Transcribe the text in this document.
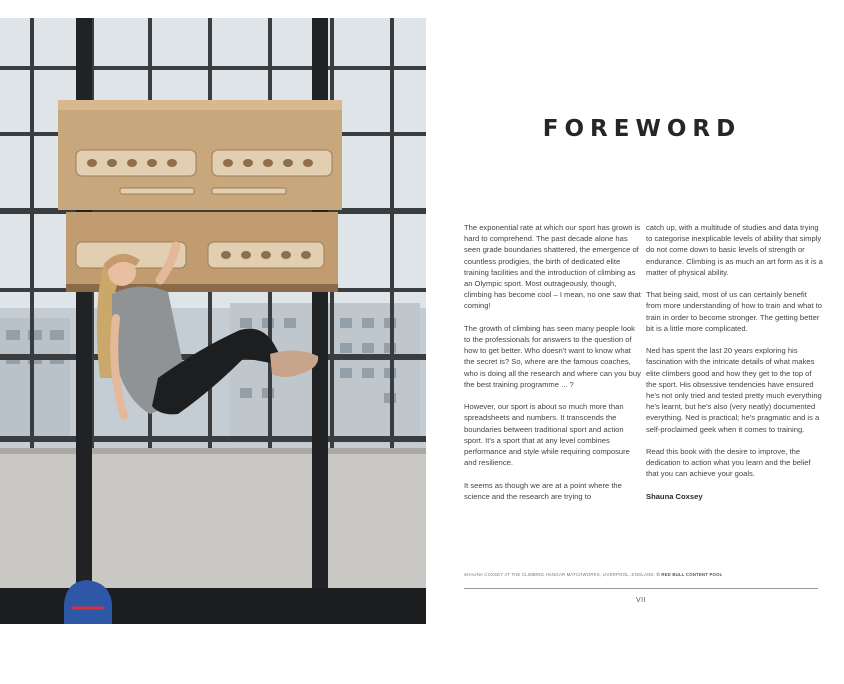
FOREWORD

The exponential rate at which our sport has grown is hard to comprehend. The past decade alone has seen grade boundaries shattered, the emergence of countless prodigies, the birth of dedicated elite training facilities and the introduction of climbing as an Olympic sport. Most outrageously, though, climbing has become cool – I mean, no one saw that coming!

The growth of climbing has seen many people look to the professionals for answers to the question of how to get better. Who doesn't want to know what the secret is? So, where are the famous coaches, who is doing all the research and where can you buy the best training programme ... ?

However, our sport is about so much more than spreadsheets and numbers. It transcends the boundaries between traditional sport and action sport. It's a sport that at any level combines performance and style while requiring composure and resilience.

It seems as though we are at a point where the science and the research are trying to

catch up, with a multitude of studies and data trying to categorise inexplicable levels of ability that simply do not come down to basic levels of strength or endurance. Climbing is as much an art form as it is a matter of physical ability.

That being said, most of us can certainly benefit from more understanding of how to train and what to train in order to become stronger. The getting better bit is a little more complicated.

Ned has spent the last 20 years exploring his fascination with the intricate details of what makes elite climbers good and how they get to the top of the sport. His obsessive tendencies have ensured he's not only tried and tested pretty much everything he's learnt, but he's also (very neatly) documented everything. Ned is practical; he's pragmatic and is a self-proclaimed geek when it comes to training.

Read this book with the desire to improve, the dedication to action what you learn and the belief that you can achieve your goals.

Shauna Coxsey

SHAUNA COXSEY AT THE CLIMBING HANGAR MATCHWORKS, LIVERPOOL, ENGLAND. © RED BULL CONTENT POOL
VII
